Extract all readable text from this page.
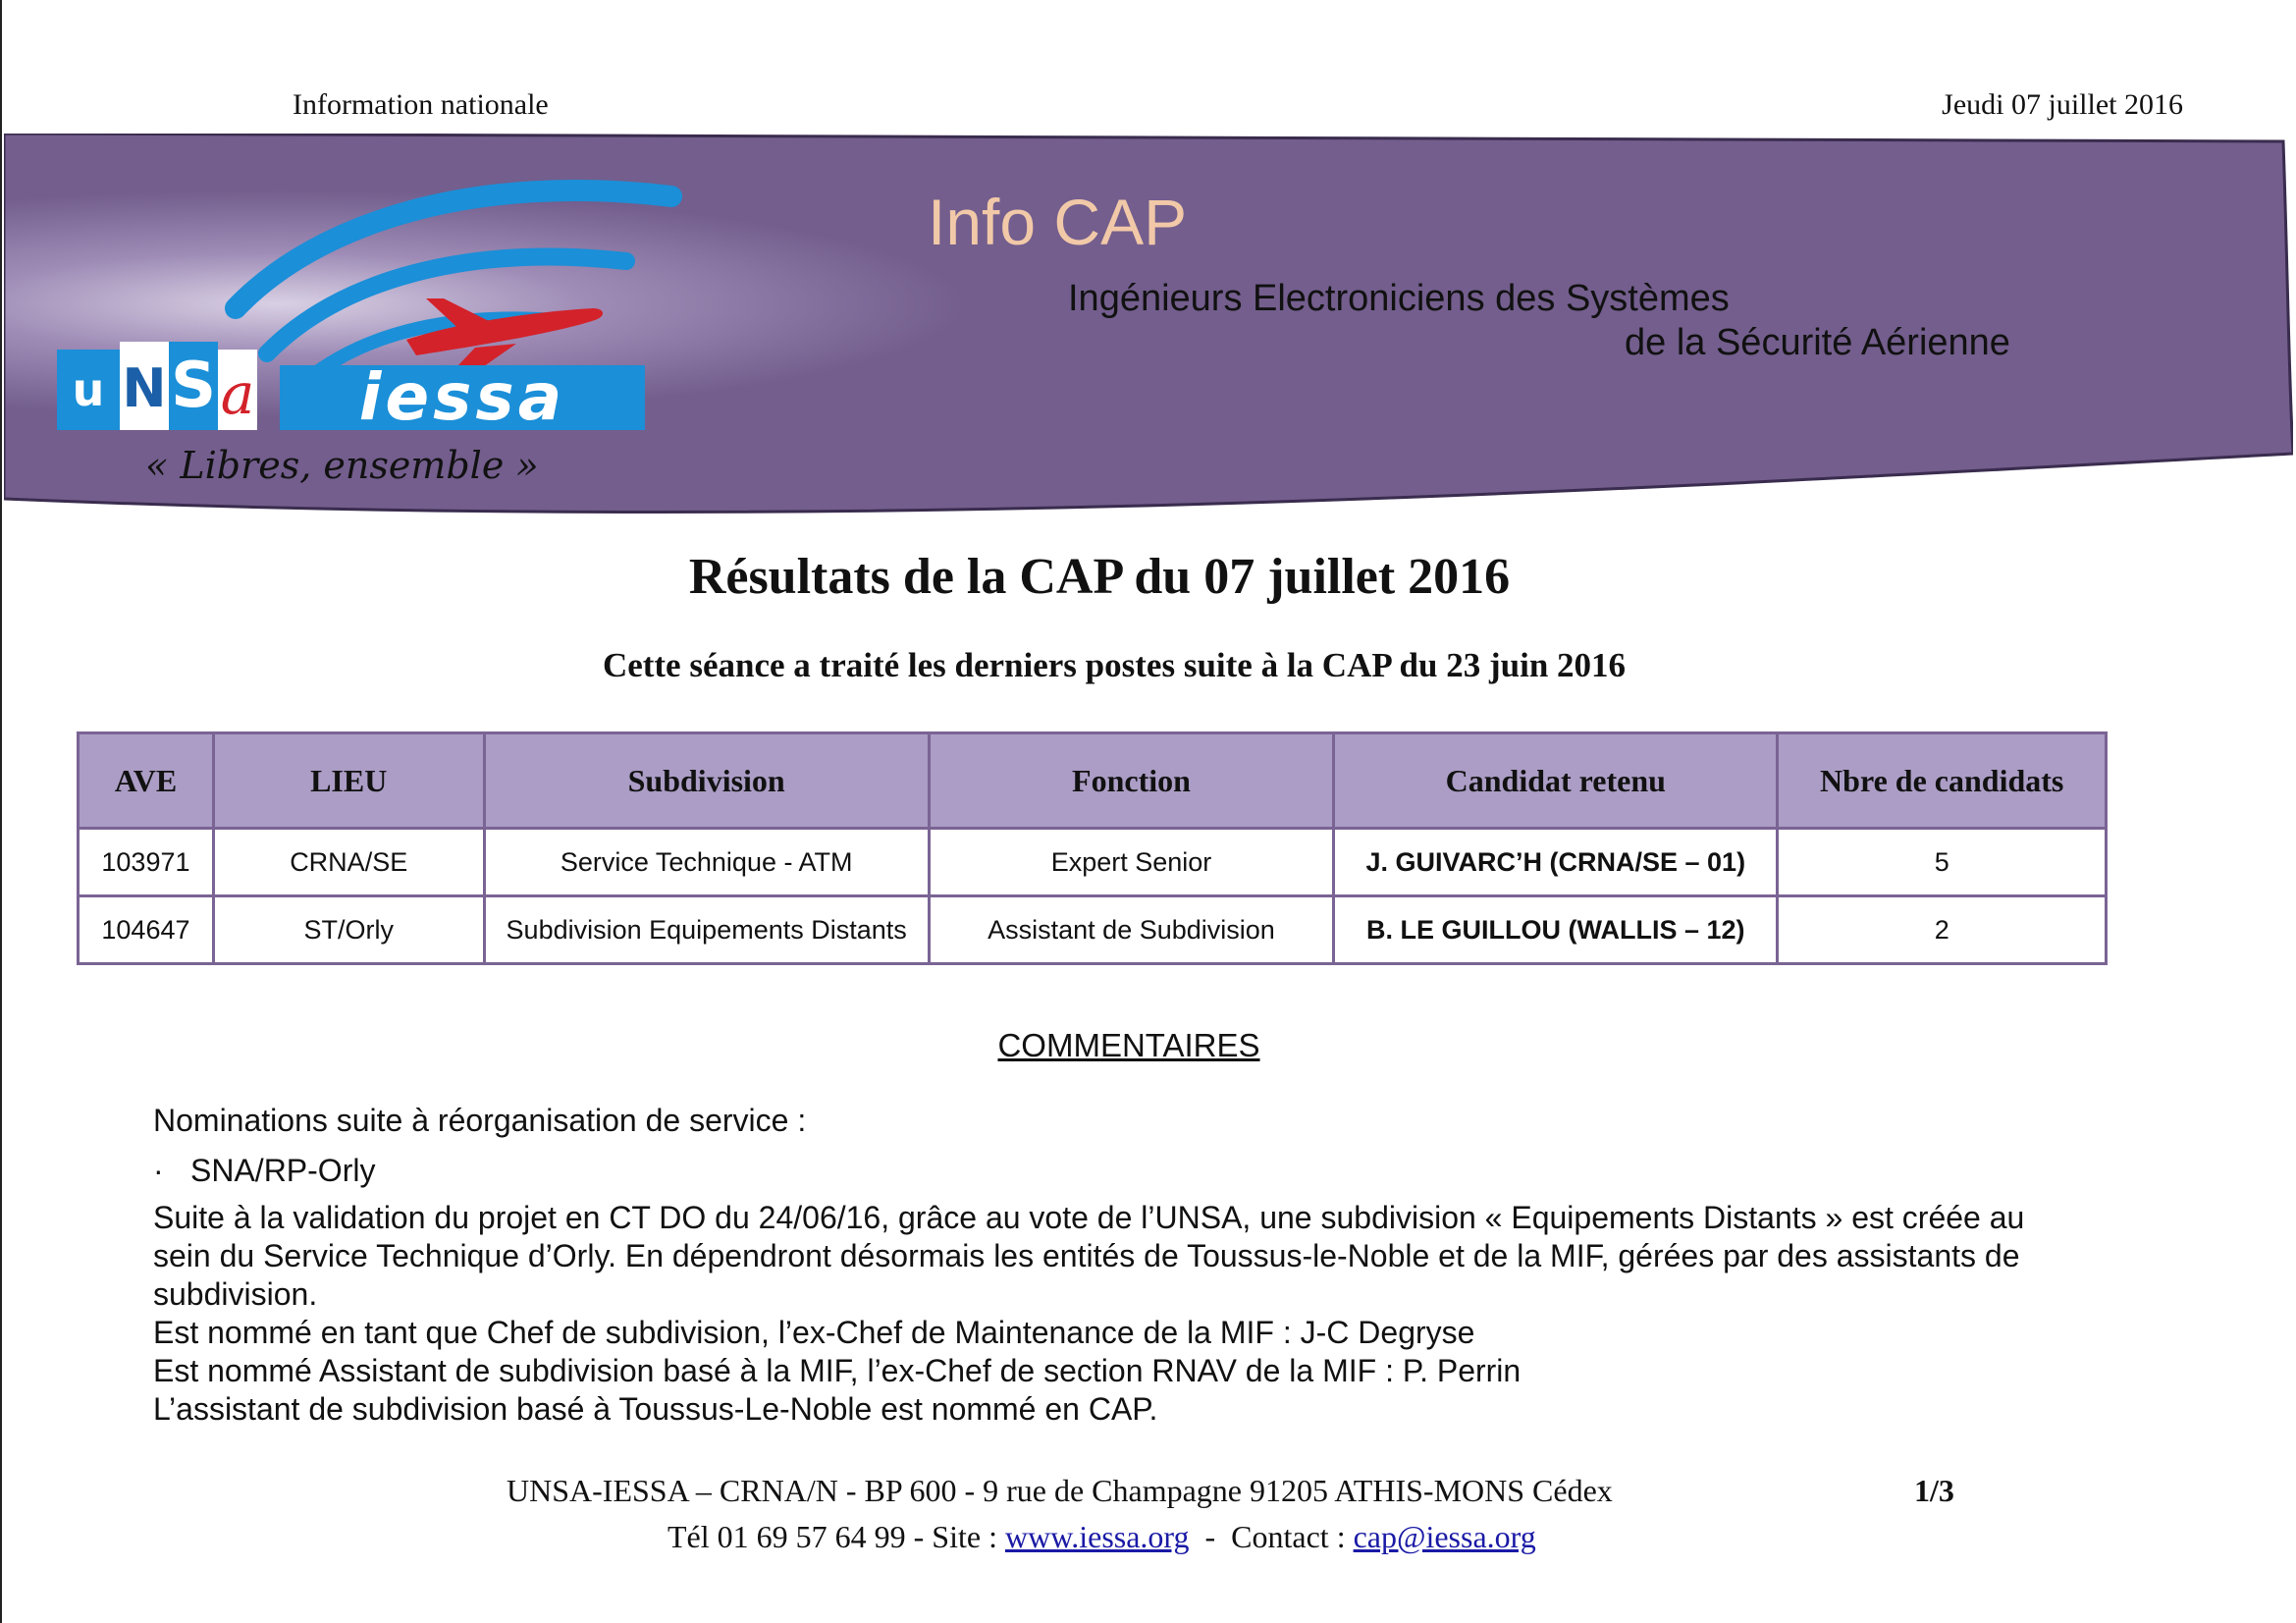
Information nationale	Jeudi 07 juillet 2016
Info CAP
Ingénieurs Electroniciens des Systèmes
de la Sécurité Aérienne
u N S a	iessa
« Libres, ensemble »
Résultats de la CAP du 07 juillet 2016
Cette séance a traité les derniers postes suite à la CAP du 23 juin 2016
AVE	LIEU	Subdivision	Fonction	Candidat retenu	Nbre de candidats
103971	CRNA/SE	Service Technique - ATM	Expert Senior	J. GUIVARC’H (CRNA/SE – 01)	5
104647	ST/Orly	Subdivision Equipements Distants	Assistant de Subdivision	B. LE GUILLOU (WALLIS – 12)	2
COMMENTAIRES
Nominations suite à réorganisation de service :
· SNA/RP-Orly
Suite à la validation du projet en CT DO du 24/06/16, grâce au vote de l’UNSA, une subdivision « Equipements Distants » est créée au
sein du Service Technique d’Orly. En dépendront désormais les entités de Toussus-le-Noble et de la MIF, gérées par des assistants de
subdivision.
Est nommé en tant que Chef de subdivision, l’ex-Chef de Maintenance de la MIF : J-C Degryse
Est nommé Assistant de subdivision basé à la MIF, l’ex-Chef de section RNAV de la MIF : P. Perrin
L’assistant de subdivision basé à Toussus-Le-Noble est nommé en CAP.
UNSA-IESSA – CRNA/N - BP 600 - 9 rue de Champagne 91205 ATHIS-MONS Cédex	1/3
Tél 01 69 57 64 99 - Site : www.iessa.org  -  Contact : cap@iessa.org
